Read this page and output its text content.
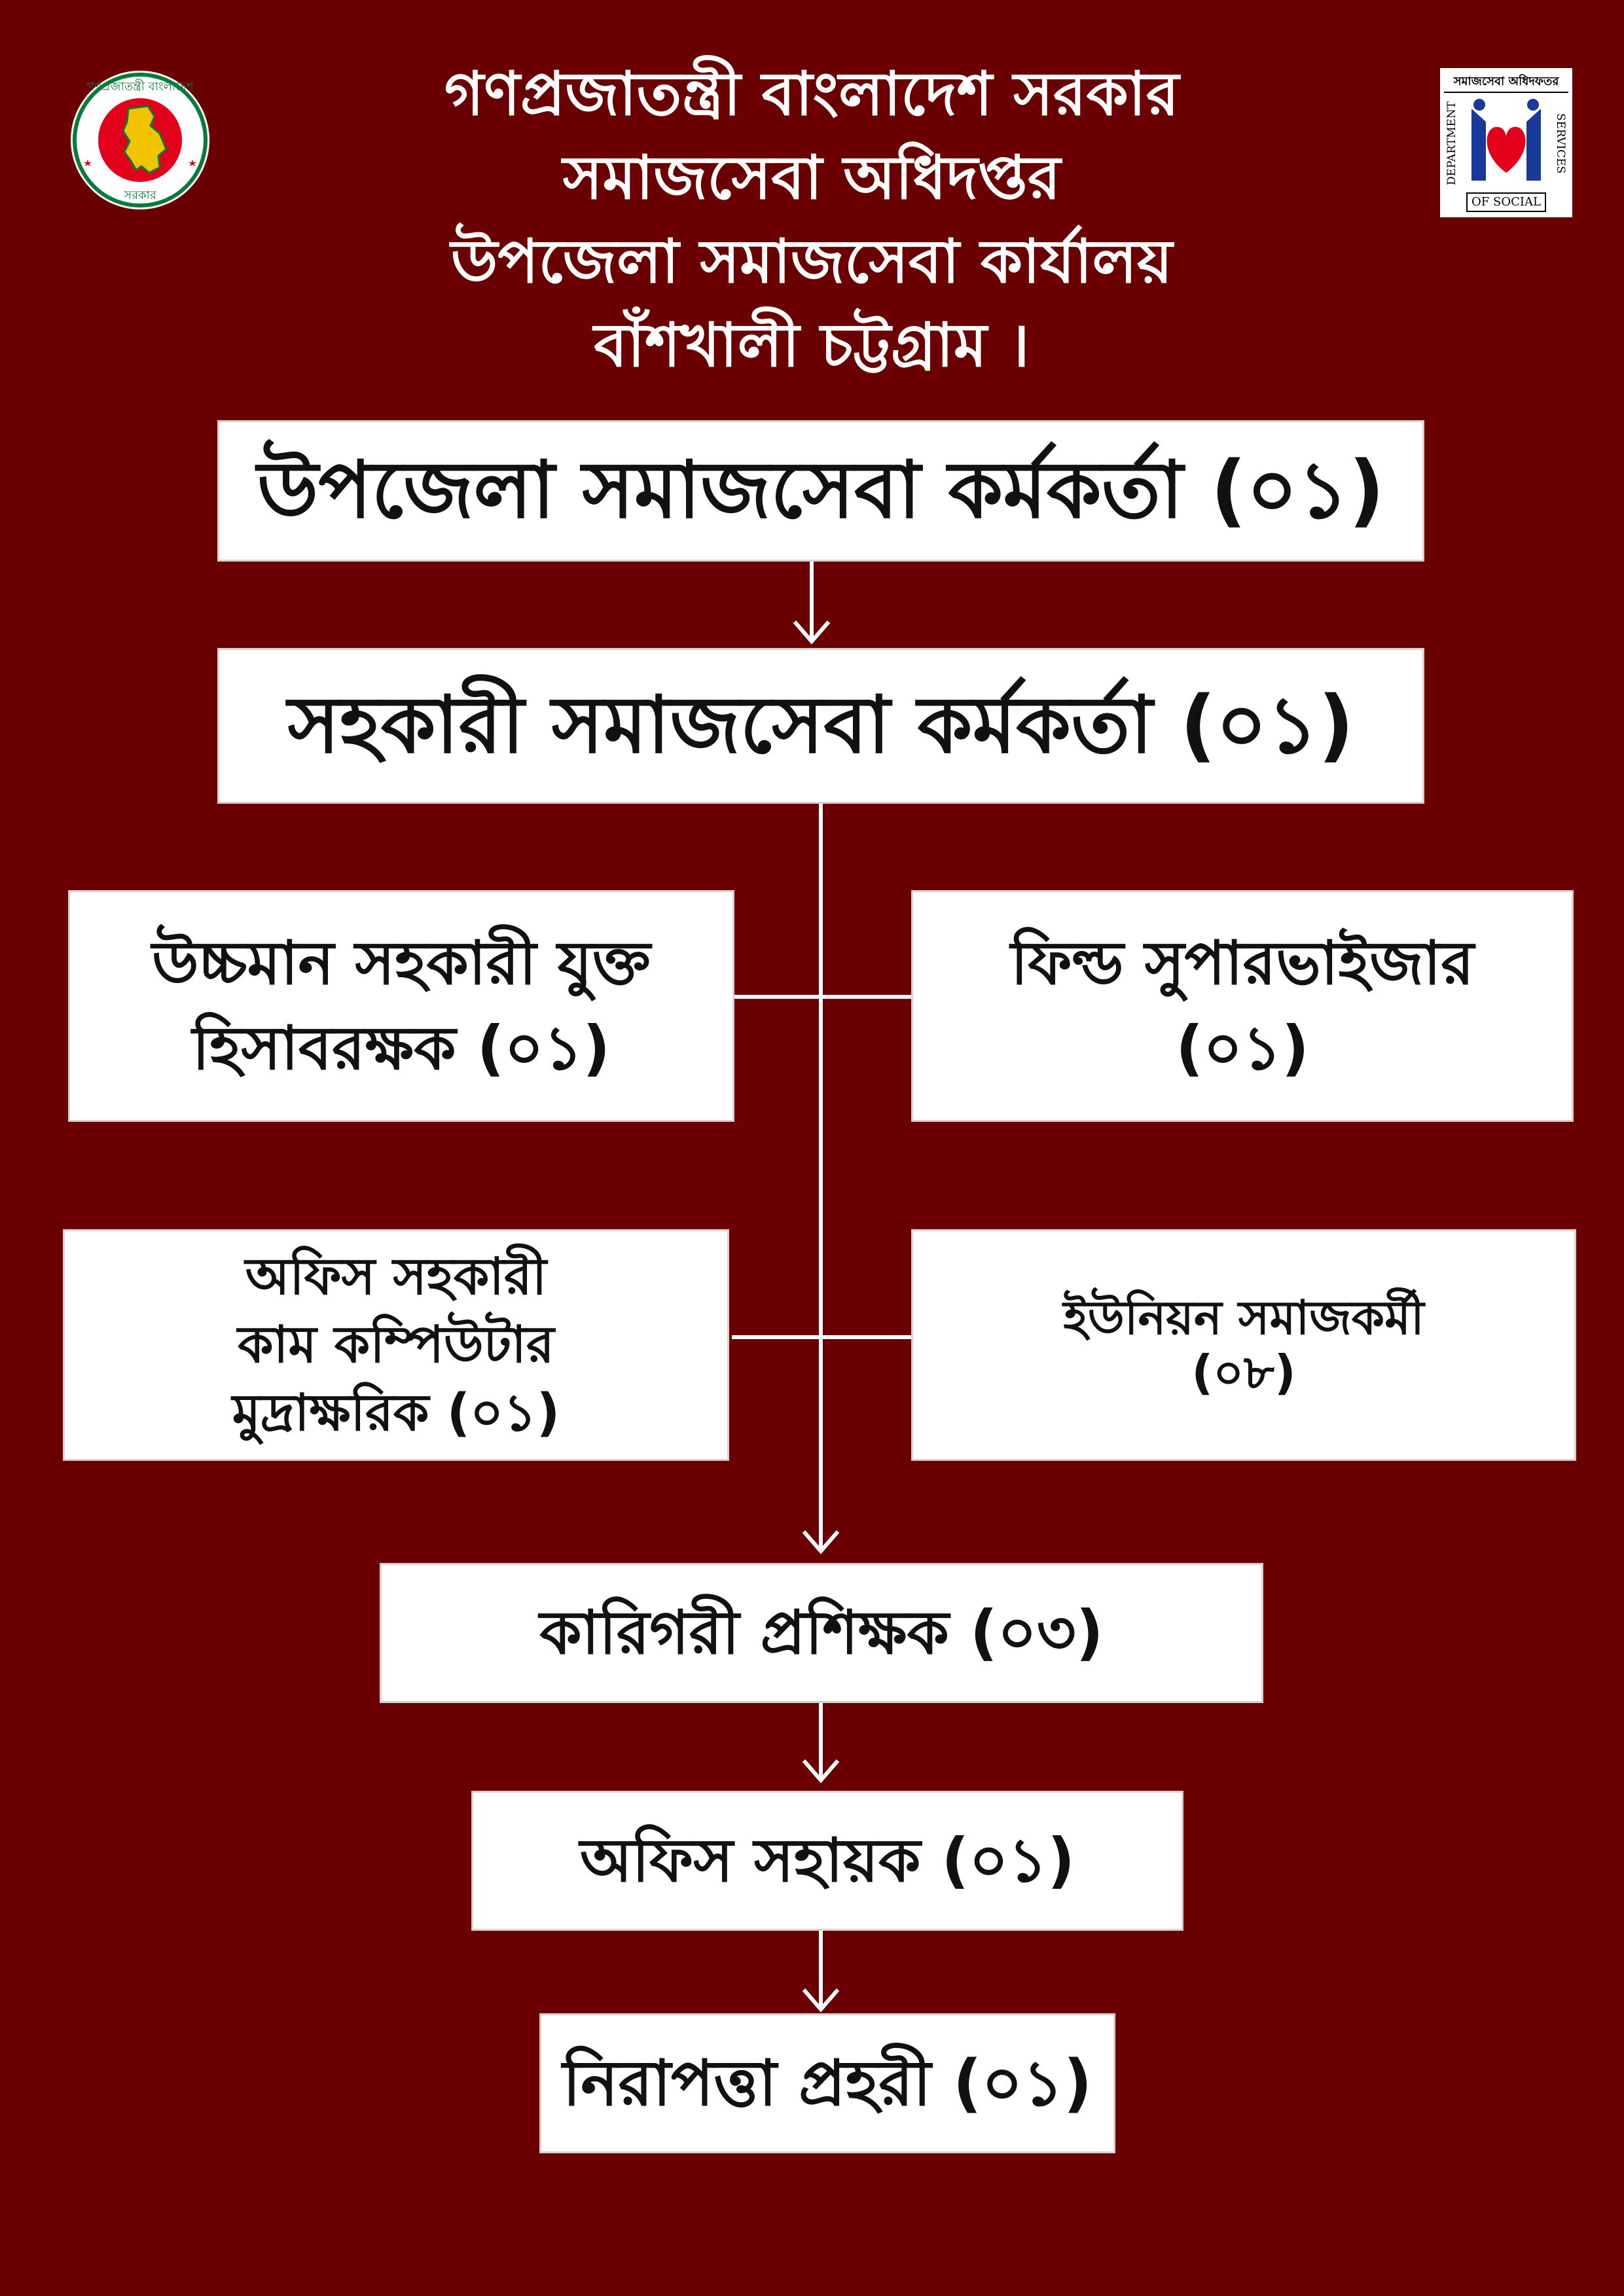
গণপ্রজাতন্ত্রী বাংলাদেশ
সরকার
সমাজসেবা অধিদফতর
DEPARTMENT	SERVICES
OF SOCIAL
গণপ্রজাতন্ত্রী বাংলাদেশ সরকার
সমাজসেবা অধিদপ্তর
উপজেলা সমাজসেবা কার্যালয়
বাঁশখালী চট্টগ্রাম ।
উপজেলা সমাজসেবা কর্মকর্তা (০১)
সহকারী সমাজসেবা কর্মকর্তা (০১)
উচ্চমান সহকারী যুক্ত
হিসাবরক্ষক (০১)
ফিল্ড সুপারভাইজার
(০১)
অফিস সহকারী
কাম কম্পিউটার
মুদ্রাক্ষরিক (০১)
ইউনিয়ন সমাজকর্মী
(০৮)
কারিগরী প্রশিক্ষক (০৩)
অফিস সহায়ক (০১)
নিরাপত্তা প্রহরী (০১)
